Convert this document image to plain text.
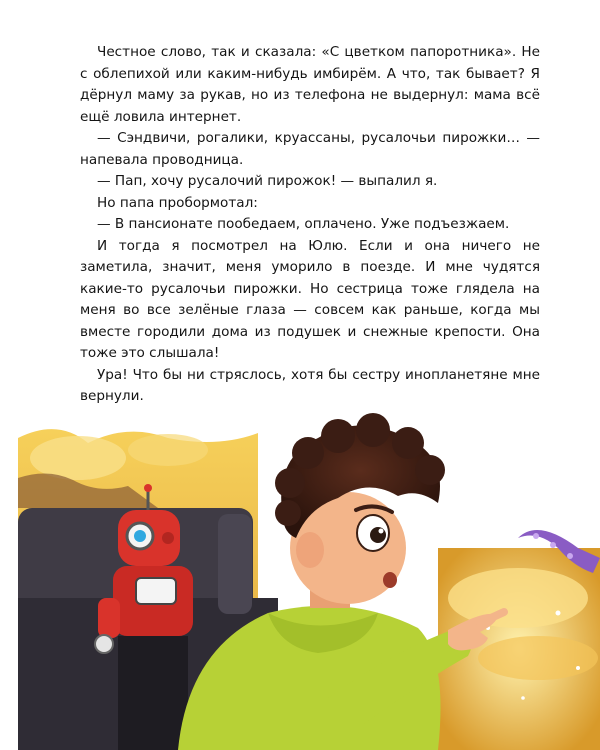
Честное слово, так и сказала: «С цветком папоротника». Не с облепихой или каким-нибудь имбирём. А что, так бывает? Я дёрнул маму за рукав, но из телефона не выдернул: мама всё ещё ловила интернет.

— Сэндвичи, рогалики, круассаны, русалочьи пирожки… — напевала проводница.

— Пап, хочу русалочий пирожок! — выпалил я.

Но папа пробормотал:

— В пансионате пообедаем, оплачено. Уже подъезжаем.

И тогда я посмотрел на Юлю. Если и она ничего не заметила, значит, меня уморило в поезде. И мне чудятся какие-то русалочьи пирожки. Но сестрица тоже глядела на меня во все зелёные глаза — совсем как раньше, когда мы вместе городили дома из подушек и снежные крепости. Она тоже это слышала!

Ура! Что бы ни стряслось, хотя бы сестру инопланетяне мне вернули.
